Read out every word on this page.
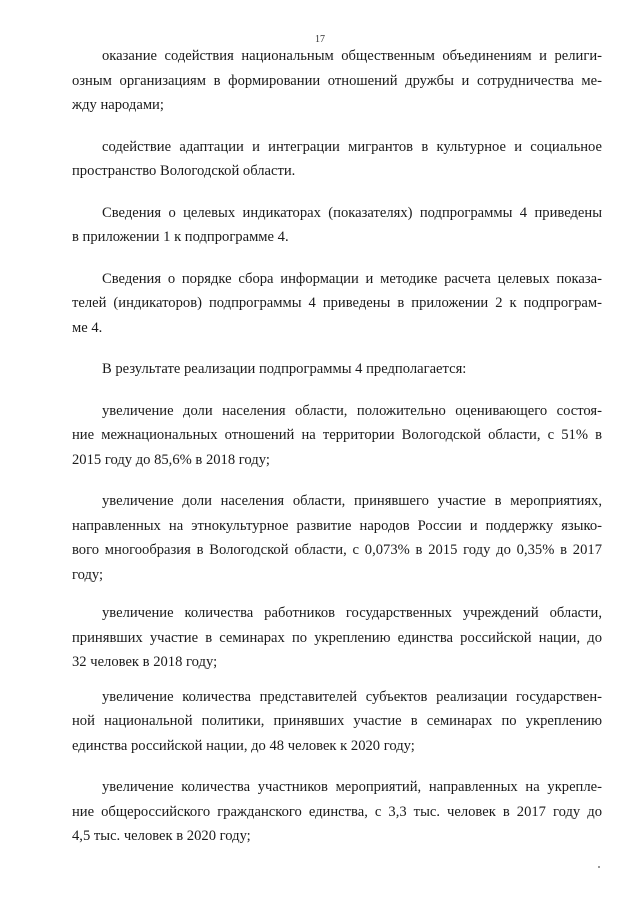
17

оказание содействия национальным общественным объединениям и религи-
озным организациям в формировании отношений дружбы и сотрудничества ме-
жду народами;

содействие адаптации и интеграции мигрантов в культурное и социальное
пространство Вологодской области.

Сведения о целевых индикаторах (показателях) подпрограммы 4 приведены
в приложении 1 к подпрограмме 4.

Сведения о порядке сбора информации и методике расчета целевых показа-
телей (индикаторов) подпрограммы 4 приведены в приложении 2 к подпрограм-
ме 4.

В результате реализации подпрограммы 4 предполагается:

увеличение доли населения области, положительно оценивающего состоя-
ние межнациональных отношений на территории Вологодской области, с 51% в
2015 году до 85,6% в 2018 году;

увеличение доли населения области, принявшего участие в мероприятиях,
направленных на этнокультурное развитие народов России и поддержку языко-
вого многообразия в Вологодской области, с 0,073% в 2015 году до 0,35% в 2017
году;

увеличение количества работников государственных учреждений области,
принявших участие в семинарах по укреплению единства российской нации, до
32 человек в 2018 году;

увеличение количества представителей субъектов реализации государствен-
ной национальной политики, принявших участие в семинарах по укреплению
единства российской нации, до 48 человек к 2020 году;

увеличение количества участников мероприятий, направленных на укрепле-
ние общероссийского гражданского единства, с 3,3 тыс. человек в 2017 году до
4,5 тыс. человек в 2020 году;
